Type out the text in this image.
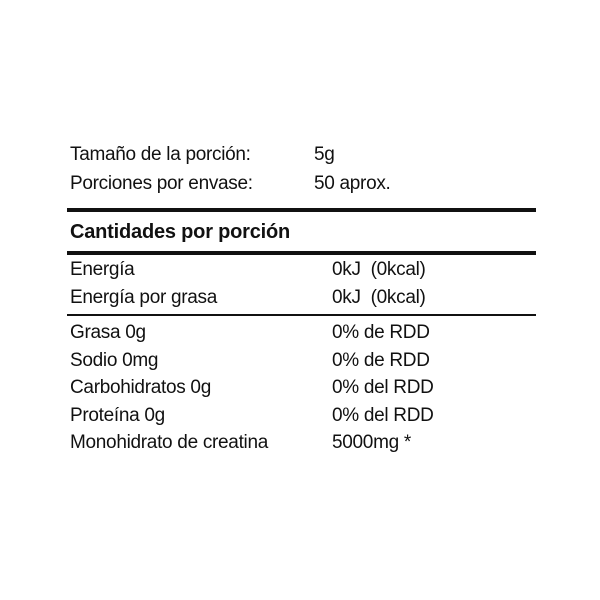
Tamaño de la porción:	5g
Porciones por envase:	50 aprox.
Cantidades por porción
Energía	0kJ  (0kcal)
Energía por grasa	0kJ  (0kcal)
Grasa 0g	0% de RDD
Sodio 0mg	0% de RDD
Carbohidratos 0g	0% del RDD
Proteína 0g	0% del RDD
Monohidrato de creatina	5000mg *
